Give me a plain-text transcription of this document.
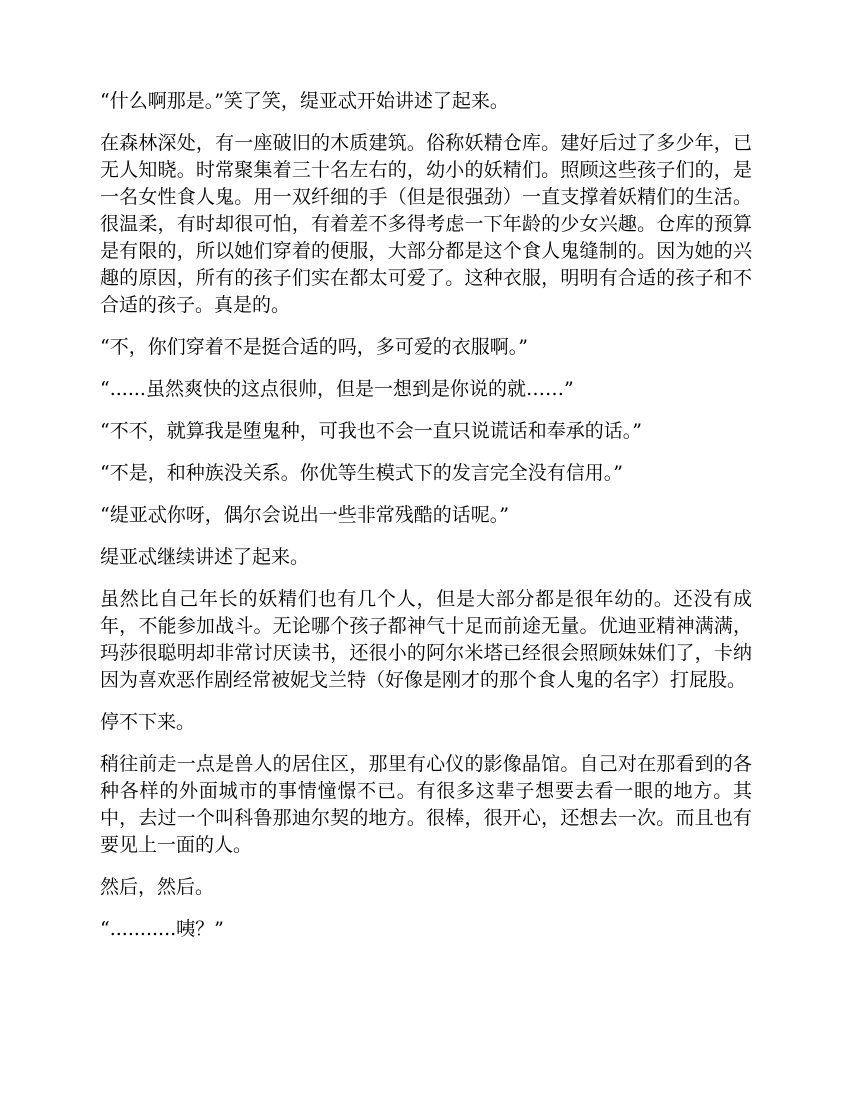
“什么啊那是。”笑了笑，缇亚忒开始讲述了起来。

在森林深处，有一座破旧的木质建筑。俗称妖精仓库。建好后过了多少年，已无人知晓。时常聚集着三十名左右的，幼小的妖精们。照顾这些孩子们的，是一名女性食人鬼。用一双纤细的手（但是很强劲）一直支撑着妖精们的生活。很温柔，有时却很可怕，有着差不多得考虑一下年龄的少女兴趣。仓库的预算是有限的，所以她们穿着的便服，大部分都是这个食人鬼缝制的。因为她的兴趣的原因，所有的孩子们实在都太可爱了。这种衣服，明明有合适的孩子和不合适的孩子。真是的。

“不，你们穿着不是挺合适的吗，多可爱的衣服啊。”

“......虽然爽快的这点很帅，但是一想到是你说的就……”

“不不，就算我是堕鬼种，可我也不会一直只说谎话和奉承的话。”

“不是，和种族没关系。你优等生模式下的发言完全没有信用。”

“缇亚忒你呀，偶尔会说出一些非常残酷的话呢。”

缇亚忒继续讲述了起来。

虽然比自己年长的妖精们也有几个人，但是大部分都是很年幼的。还没有成年，不能参加战斗。无论哪个孩子都神气十足而前途无量。优迪亚精神满满，玛莎很聪明却非常讨厌读书，还很小的阿尔米塔已经很会照顾妹妹们了，卡纳因为喜欢恶作剧经常被妮戈兰特（好像是刚才的那个食人鬼的名字）打屁股。

停不下来。

稍往前走一点是兽人的居住区，那里有心仪的影像晶馆。自己对在那看到的各种各样的外面城市的事情憧憬不已。有很多这辈子想要去看一眼的地方。其中，去过一个叫科鲁那迪尔契的地方。很棒，很开心，还想去一次。而且也有要见上一面的人。

然后，然后。

“...........咦？”
